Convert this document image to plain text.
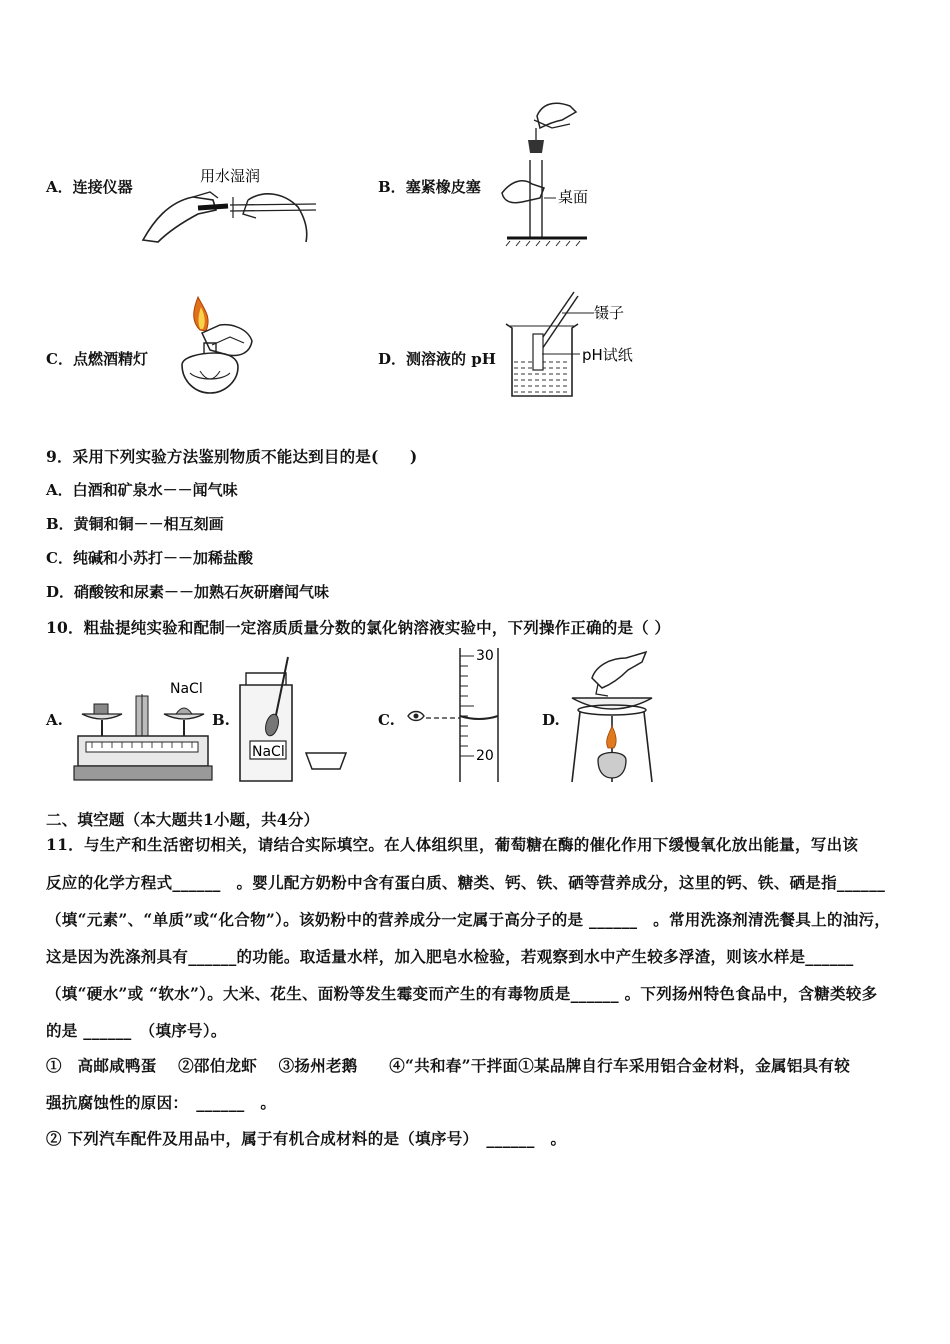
A．连接仪器
用水湿润
B．塞紧橡皮塞
桌面
C．点燃酒精灯	D．测溶液的 pH
镊子
pH试纸
9．采用下列实验方法鉴别物质不能达到目的是(　　)
A．白酒和矿泉水－－闻气味
B．黄铜和铜－－相互刻画
C．纯碱和小苏打－－加稀盐酸
D．硝酸铵和尿素－－加熟石灰研磨闻气味
10．粗盐提纯实验和配制一定溶质质量分数的氯化钠溶液实验中，下列操作正确的是（ ）
A.
NaCl
B.
NaCl
C.
30
20
D.
二、填空题（本大题共1小题，共4分）
11．与生产和生活密切相关，请结合实际填空。在人体组织里，葡萄糖在酶的催化作用下缓慢氧化放出能量，写出该
反应的化学方程式______　。婴儿配方奶粉中含有蛋白质、糖类、钙、铁、硒等营养成分，这里的钙、铁、硒是指______
（填“元素”、“单质”或“化合物”）。该奶粉中的营养成分一定属于高分子的是 ______　。常用洗涤剂清洗餐具上的油污，
这是因为洗涤剂具有______的功能。取适量水样，加入肥皂水检验，若观察到水中产生较多浮渣，则该水样是______
（填“硬水”或 “软水”）。大米、花生、面粉等发生霉变而产生的有毒物质是______ 。下列扬州特色食品中，含糖类较多
的是 ______　（填序号）。
①　高邮咸鸭蛋　 ②邵伯龙虾　 ③扬州老鹅　　④“共和春”干拌面①某品牌自行车采用铝合金材料，金属铝具有较
强抗腐蚀性的原因：　______　。
② 下列汽车配件及用品中，属于有机合成材料的是（填序号）　______　。
